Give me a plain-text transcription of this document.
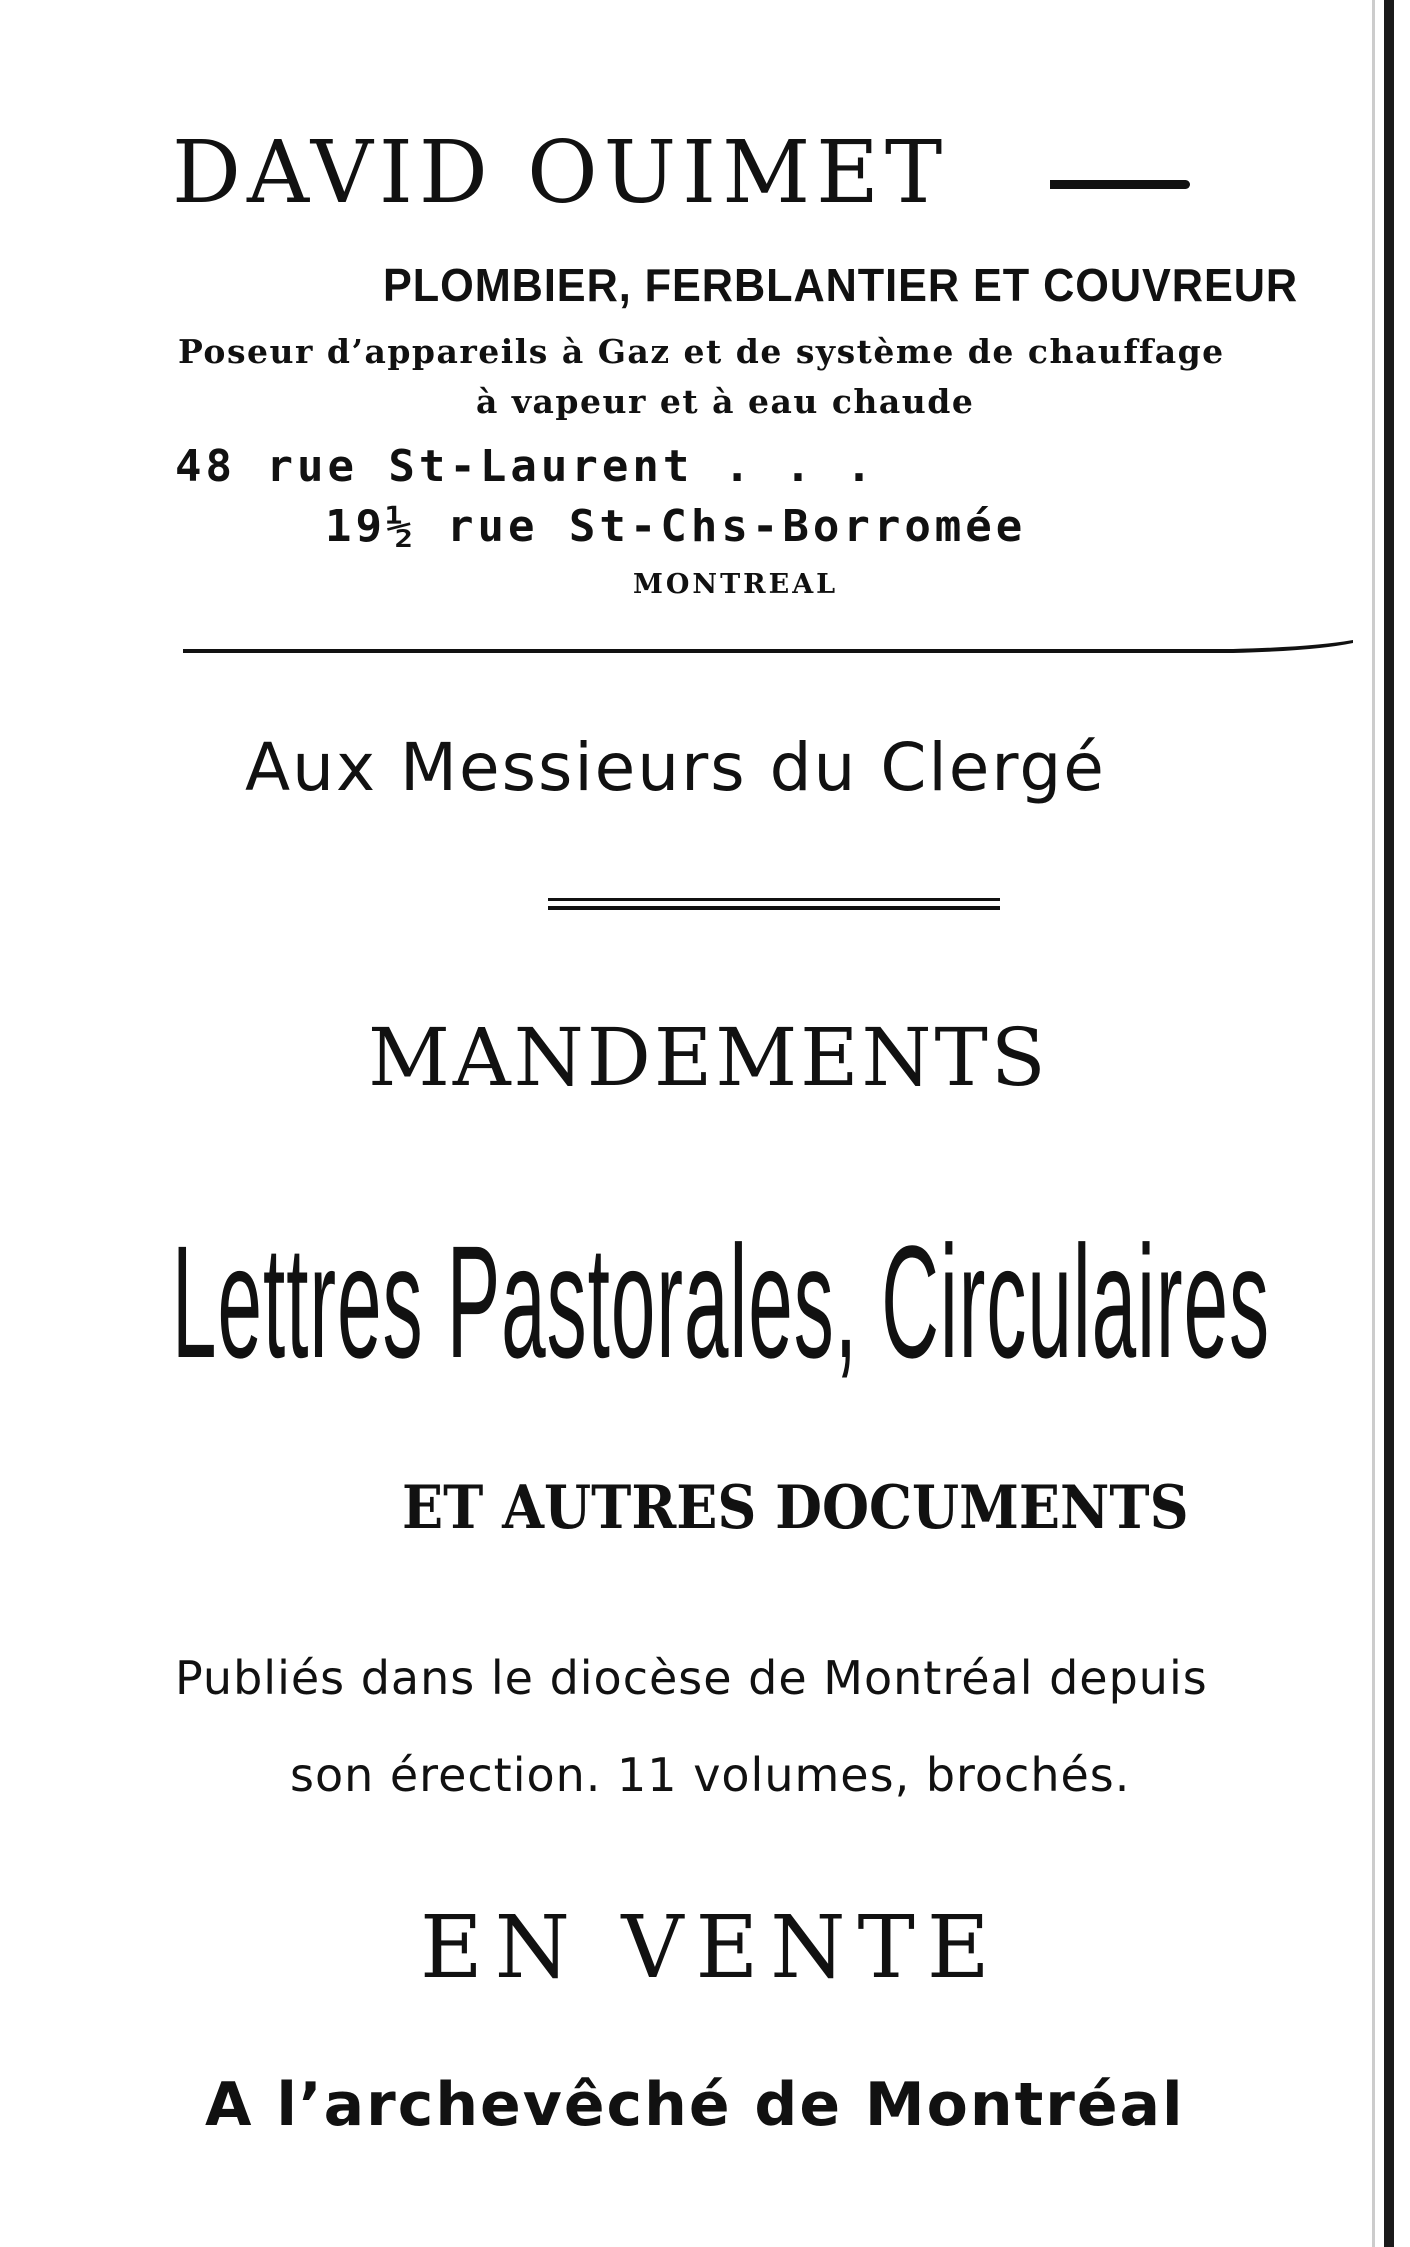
DAVID OUIMET
PLOMBIER, FERBLANTIER ET COUVREUR
Poseur d’appareils à Gaz et de système de chauffage
à vapeur et à eau chaude
48 rue St-Laurent . . .
19½ rue St-Chs-Borromée
MONTREAL
Aux Messieurs du Clergé
MANDEMENTS
Lettres Pastorales, Circulaires
ET AUTRES DOCUMENTS
Publiés dans le diocèse de Montréal depuis
son érection. 11 volumes, brochés.
EN VENTE
A l’archevêché de Montréal
